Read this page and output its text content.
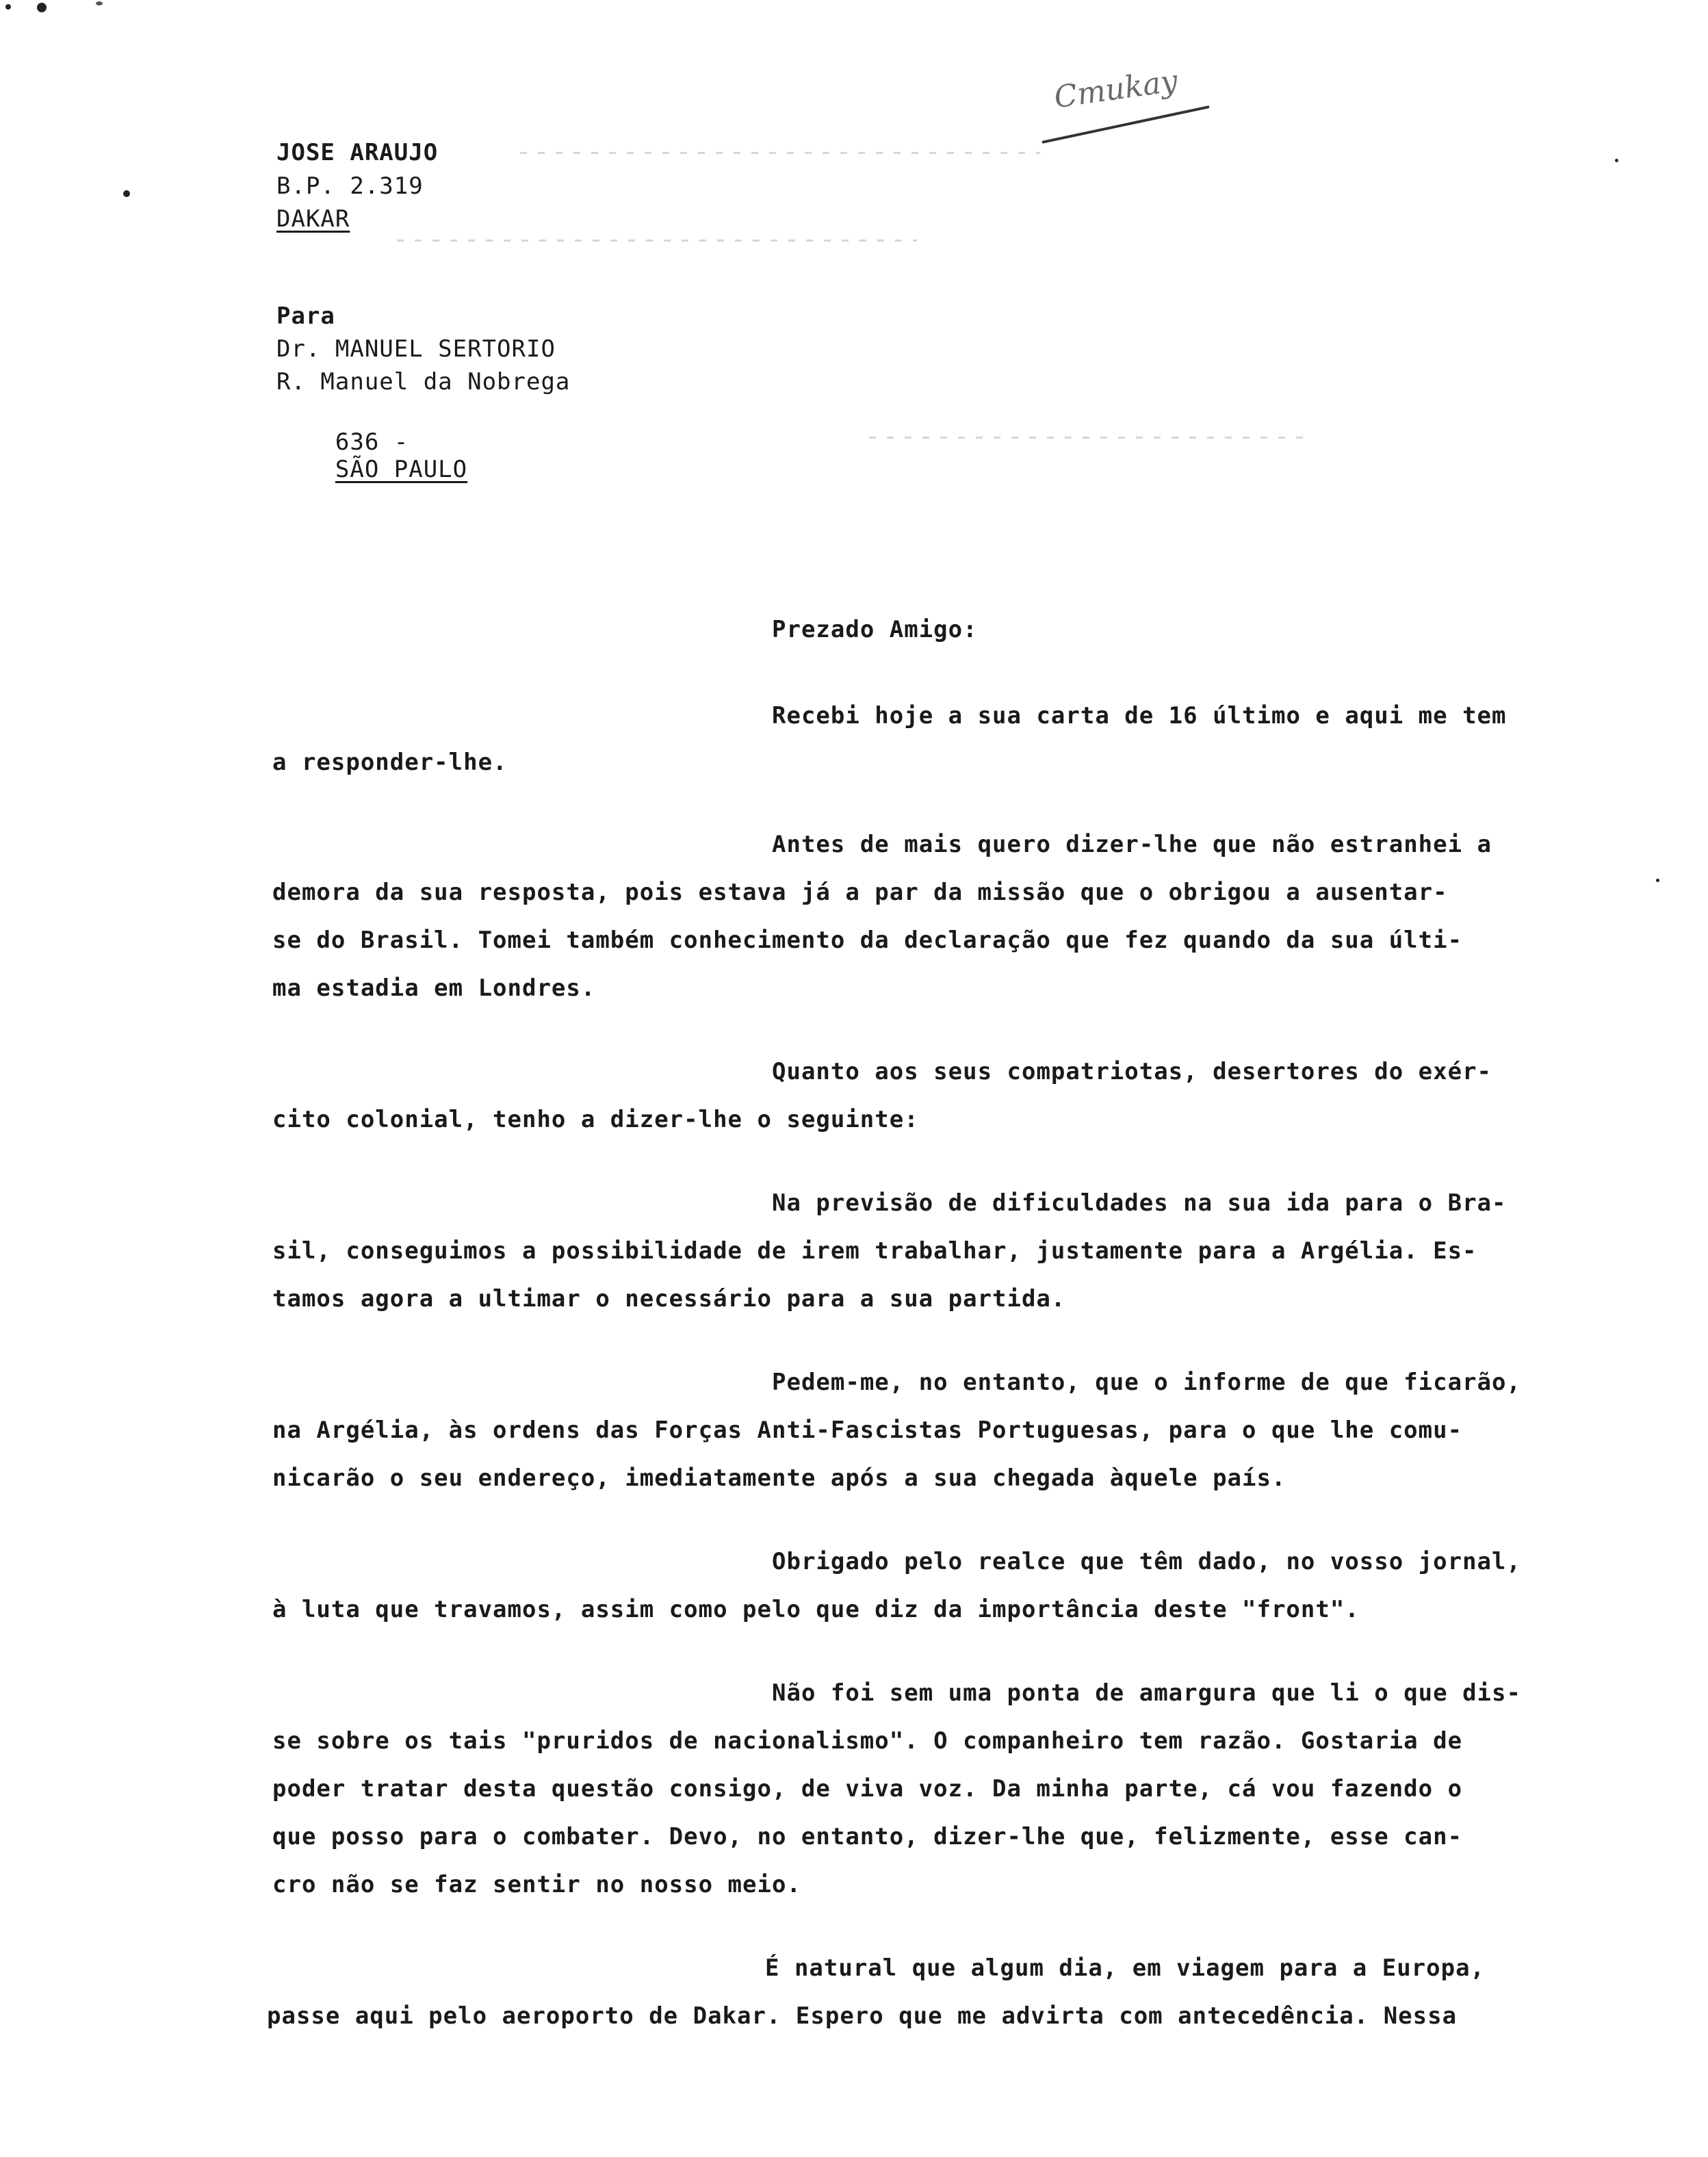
Cmukay
JOSE ARAUJO
B.P. 2.319
DAKAR
Para
Dr. MANUEL SERTORIO
R. Manuel da Nobrega

636 -
SÃO PAULO

Prezado Amigo:
Recebi hoje a sua carta de 16 último e aqui me tem
a responder-lhe.
Antes de mais quero dizer-lhe que não estranhei a
demora da sua resposta, pois estava já a par da missão que o obrigou a ausentar-
se do Brasil. Tomei também conhecimento da declaração que fez quando da sua últi-
ma estadia em Londres.
Quanto aos seus compatriotas, desertores do exér-
cito colonial, tenho a dizer-lhe o seguinte:
Na previsão de dificuldades na sua ida para o Bra-
sil, conseguimos a possibilidade de irem trabalhar, justamente para a Argélia. Es-
tamos agora a ultimar o necessário para a sua partida.
Pedem-me, no entanto, que o informe de que ficarão,
na Argélia, às ordens das Forças Anti-Fascistas Portuguesas, para o que lhe comu-
nicarão o seu endereço, imediatamente após a sua chegada àquele país.
Obrigado pelo realce que têm dado, no vosso jornal,
à luta que travamos, assim como pelo que diz da importância deste "front".
Não foi sem uma ponta de amargura que li o que dis-
se sobre os tais "pruridos de nacionalismo". O companheiro tem razão. Gostaria de
poder tratar desta questão consigo, de viva voz. Da minha parte, cá vou fazendo o
que posso para o combater. Devo, no entanto, dizer-lhe que, felizmente, esse can-
cro não se faz sentir no nosso meio.
É natural que algum dia, em viagem para a Europa,
passe aqui pelo aeroporto de Dakar. Espero que me advirta com antecedência. Nessa
